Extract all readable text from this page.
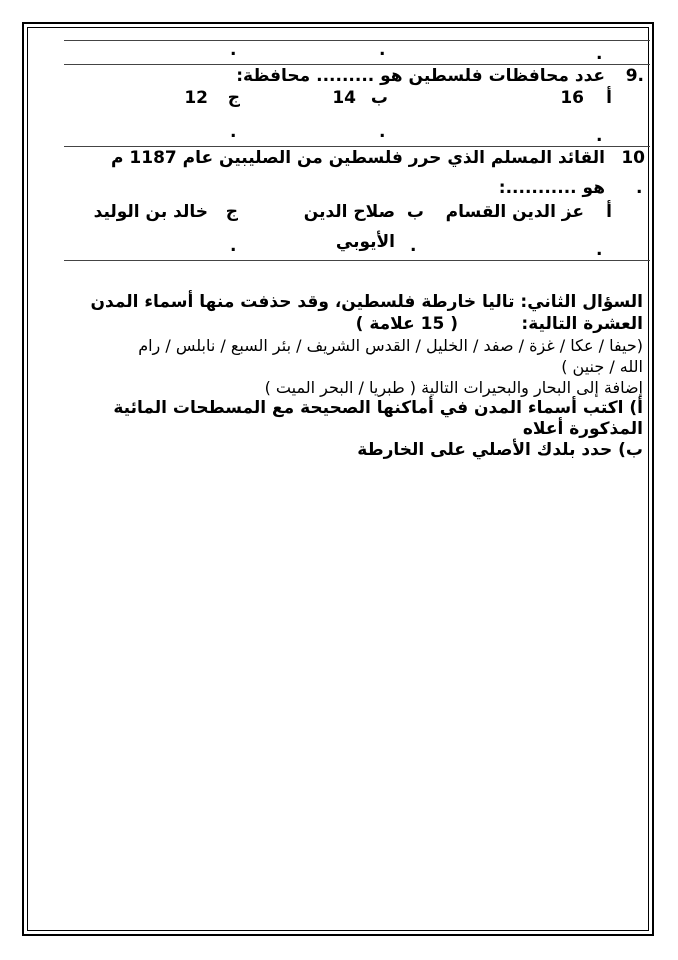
.
.
.
9.
عدد محافظات فلسطين هو ......... محافظة:
أ
16
ب
14
ج
12
.
.
.
10
القائد المسلم الذي حرر فلسطين من الصليبين عام 1187 م
.
هو ...........:
أ
عز الدين القسام
ب
صلاح الدين
الأيوبي
ج
خالد بن الوليد
.
.
.
السؤال الثاني: تاليا خارطة فلسطين، وقد حذفت منها أسماء المدن
العشرة التالية:
( 15 علامة )
(حيفا / عكا / غزة / صفد / الخليل / القدس الشريف / بئر السبع / نابلس / رام
الله / جنين )
إضافة إلى البحار والبحيرات التالية ( طبريا / البحر الميت )
أ) اكتب أسماء المدن في أماكنها الصحيحة مع المسطحات المائية
المذكورة أعلاه
ب) حدد بلدك الأصلي على الخارطة
